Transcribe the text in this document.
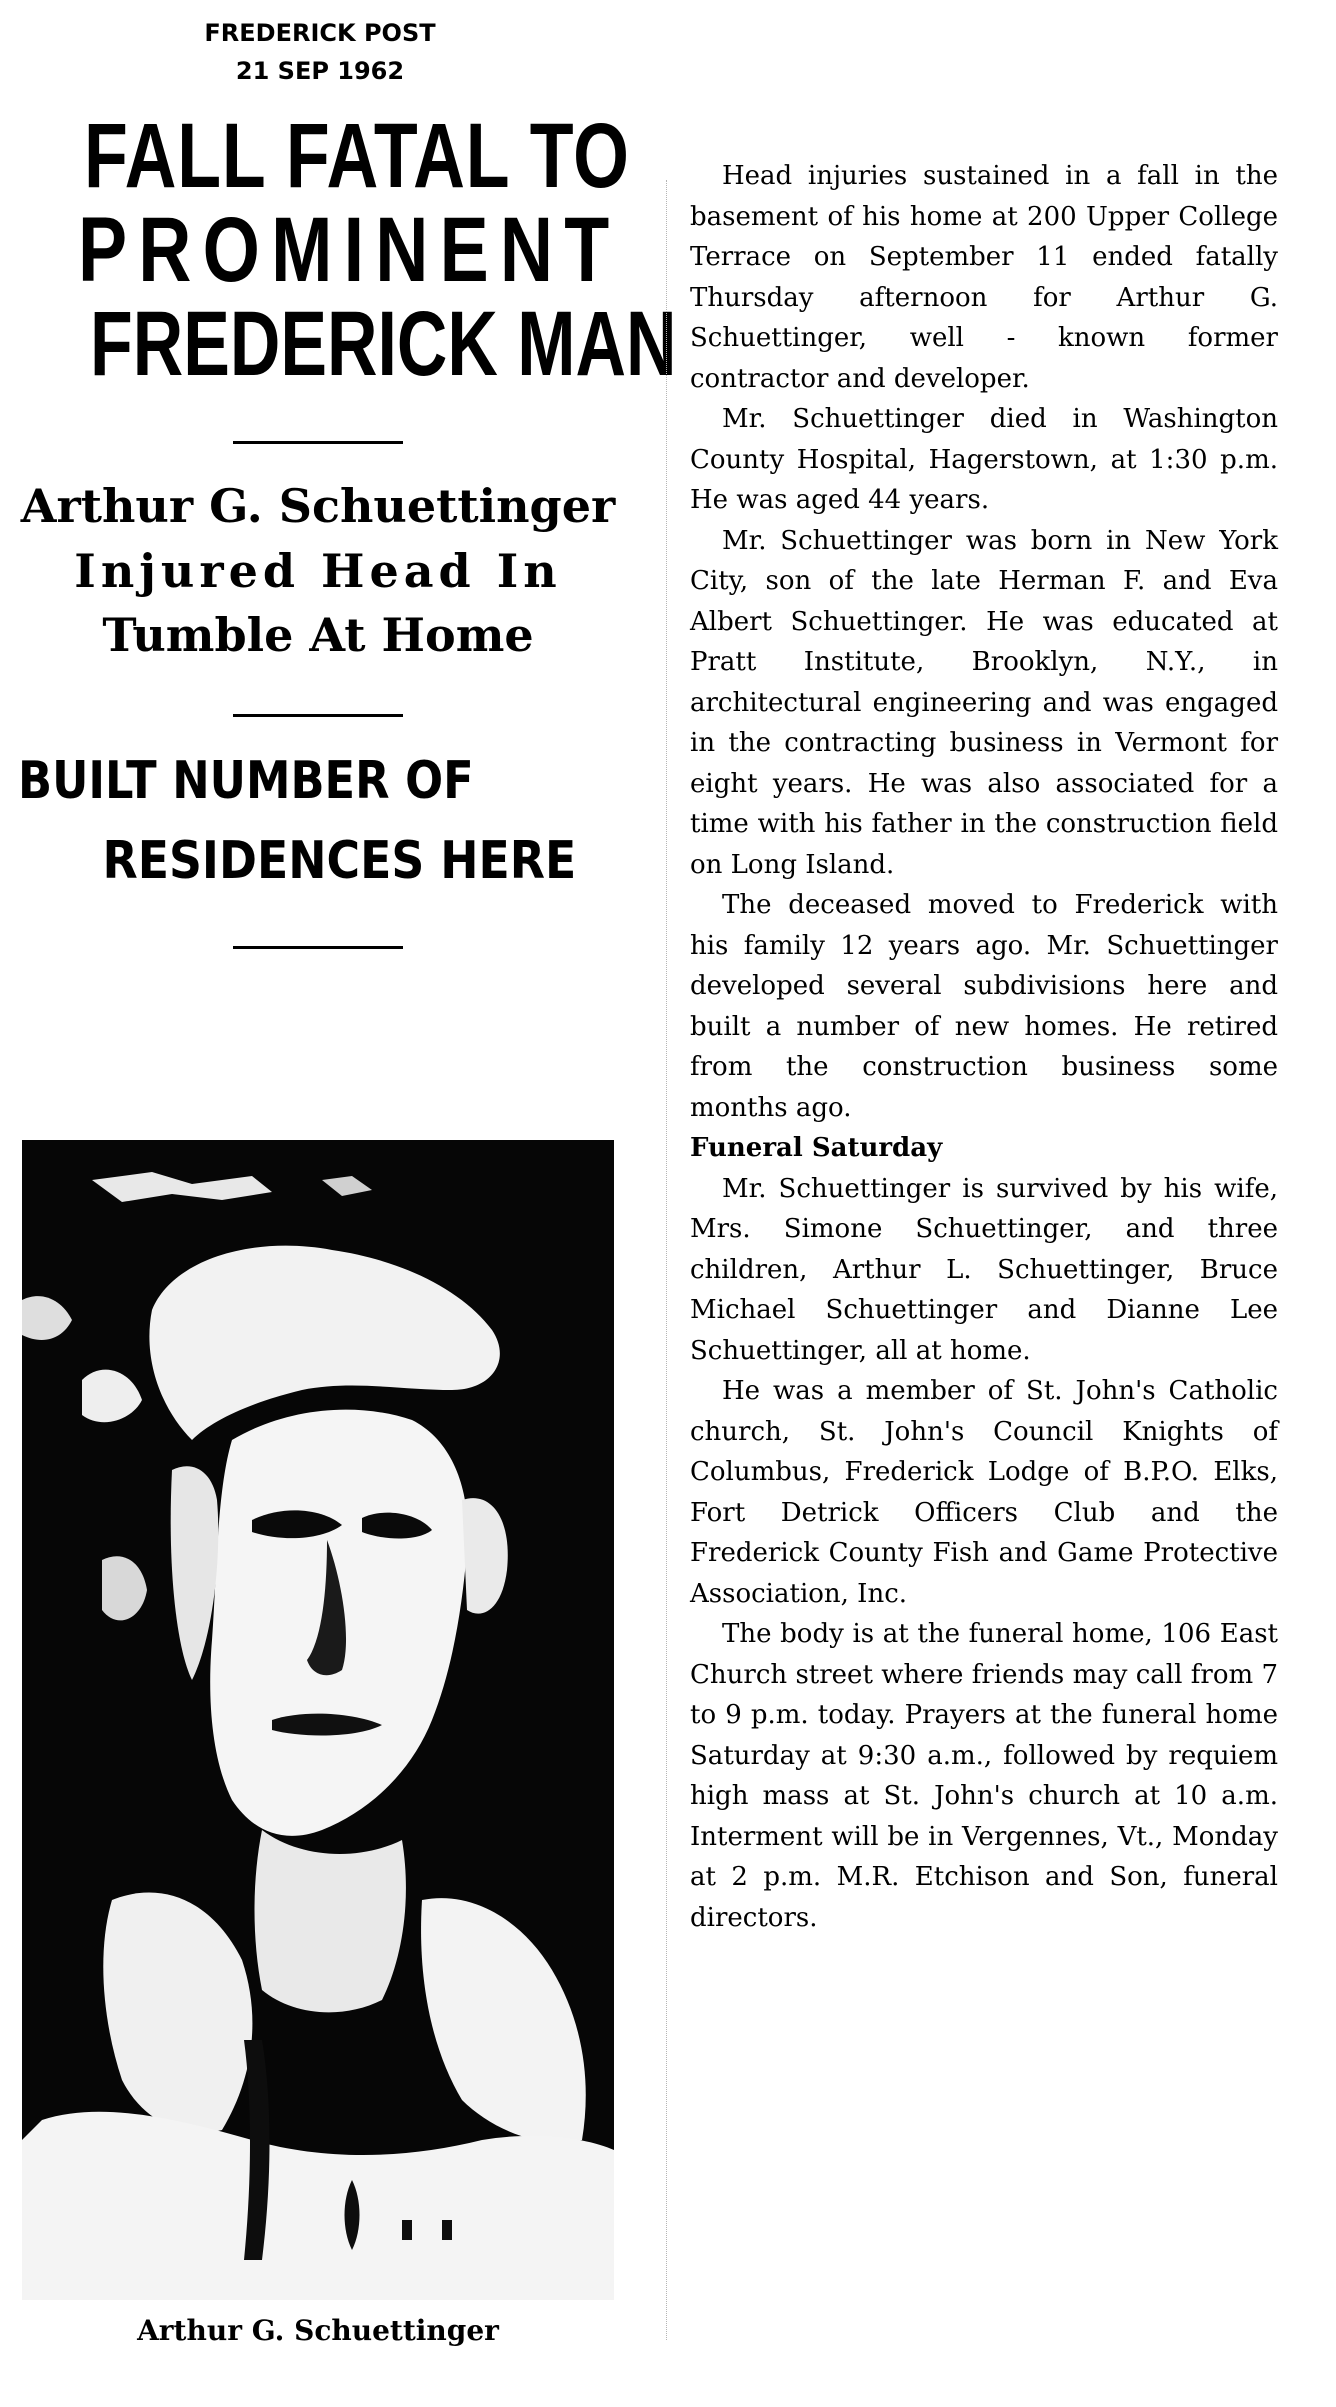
FREDERICK POST
21 SEP 1962
FALL FATAL TO
PROMINENT
FREDERICK MAN
Arthur G. Schuettinger
Injured Head In
Tumble At Home
BUILT NUMBER OF
RESIDENCES HERE
Arthur G. Schuettinger

Head injuries sustained in a fall in the basement of his home at 200 Upper College Terrace on September 11 ended fatally Thursday afternoon for Arthur G. Schuettinger, well - known former contractor and developer.

Mr. Schuettinger died in Washington County Hospital, Hagerstown, at 1:30 p.m. He was aged 44 years.

Mr. Schuettinger was born in New York City, son of the late Herman F. and Eva Albert Schuettinger. He was educated at Pratt Institute, Brooklyn, N.Y., in architectural engineering and was engaged in the contracting business in Vermont for eight years. He was also associated for a time with his father in the construction field on Long Island.

The deceased moved to Frederick with his family 12 years ago. Mr. Schuettinger developed several subdivisions here and built a number of new homes. He retired from the construction business some months ago.

Funeral Saturday

Mr. Schuettinger is survived by his wife, Mrs. Simone Schuettinger, and three children, Arthur L. Schuettinger, Bruce Michael Schuettinger and Dianne Lee Schuettinger, all at home.

He was a member of St. John's Catholic church, St. John's Council Knights of Columbus, Frederick Lodge of B.P.O. Elks, Fort Detrick Officers Club and the Frederick County Fish and Game Protective Association, Inc.

The body is at the funeral home, 106 East Church street where friends may call from 7 to 9 p.m. today. Prayers at the funeral home Saturday at 9:30 a.m., followed by requiem high mass at St. John's church at 10 a.m. Interment will be in Vergennes, Vt., Monday at 2 p.m. M.R. Etchison and Son, funeral directors.
